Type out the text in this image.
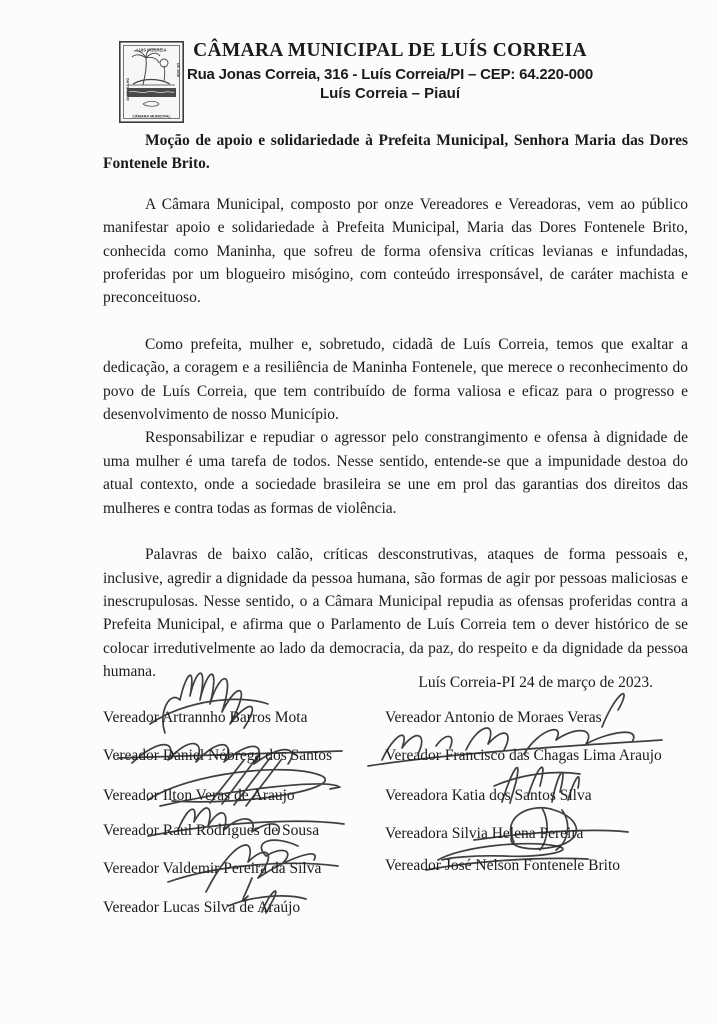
LUIS CORREIA
CÂMARA MUNICIPAL
DE 1938
CÂMARA MUNICIPAL DE LUÍS CORREIA
Rua Jonas Correia, 316 - Luís Correia/PI – CEP: 64.220-000
Luís Correia – Piauí

Moção de apoio e solidariedade à Prefeita Municipal, Senhora Maria das Dores Fontenele Brito.

A Câmara Municipal, composto por onze Vereadores e Vereadoras, vem ao público manifestar apoio e solidariedade à Prefeita Municipal, Maria das Dores Fontenele Brito, conhecida como Maninha, que sofreu de forma ofensiva críticas levianas e infundadas, proferidas por um blogueiro misógino, com conteúdo irresponsável, de caráter machista e preconceituoso.

Como prefeita, mulher e, sobretudo, cidadã de Luís Correia, temos que exaltar a dedicação, a coragem e a resiliência de Maninha Fontenele, que merece o reconhecimento do povo de Luís Correia, que tem contribuído de forma valiosa e eficaz para o progresso e desenvolvimento de nosso Município.

Responsabilizar e repudiar o agressor pelo constrangimento e ofensa à dignidade de uma mulher é uma tarefa de todos. Nesse sentido, entende-se que a impunidade destoa do atual contexto, onde a sociedade brasileira se une em prol das garantias dos direitos das mulheres e contra todas as formas de violência.

Palavras de baixo calão, críticas desconstrutivas, ataques de forma pessoais e, inclusive, agredir a dignidade da pessoa humana, são formas de agir por pessoas maliciosas e inescrupulosas. Nesse sentido, o a Câmara Municipal repudia as ofensas proferidas contra a Prefeita Municipal, e afirma que o Parlamento de Luís Correia tem o dever histórico de se colocar irredutivelmente ao lado da democracia, da paz, do respeito e da dignidade da pessoa humana.

Luís Correia-PI 24 de março de 2023.
Vereador Artrannho Barros Mota
Vereador Daniel Nóbrega dos Santos
Vereador Ilton Veras de Araujo
Vereador Raul Rodrigues de Sousa
Vereador Valdemir Pereira da Silva
Vereador Lucas Silva de Araújo
Vereador Antonio de Moraes Veras
Vereador Francisco das Chagas Lima Araujo
Vereadora Katia dos Santos Silva
Vereadora Silvia Helena Pereira
Vereador José Nelson Fontenele Brito
